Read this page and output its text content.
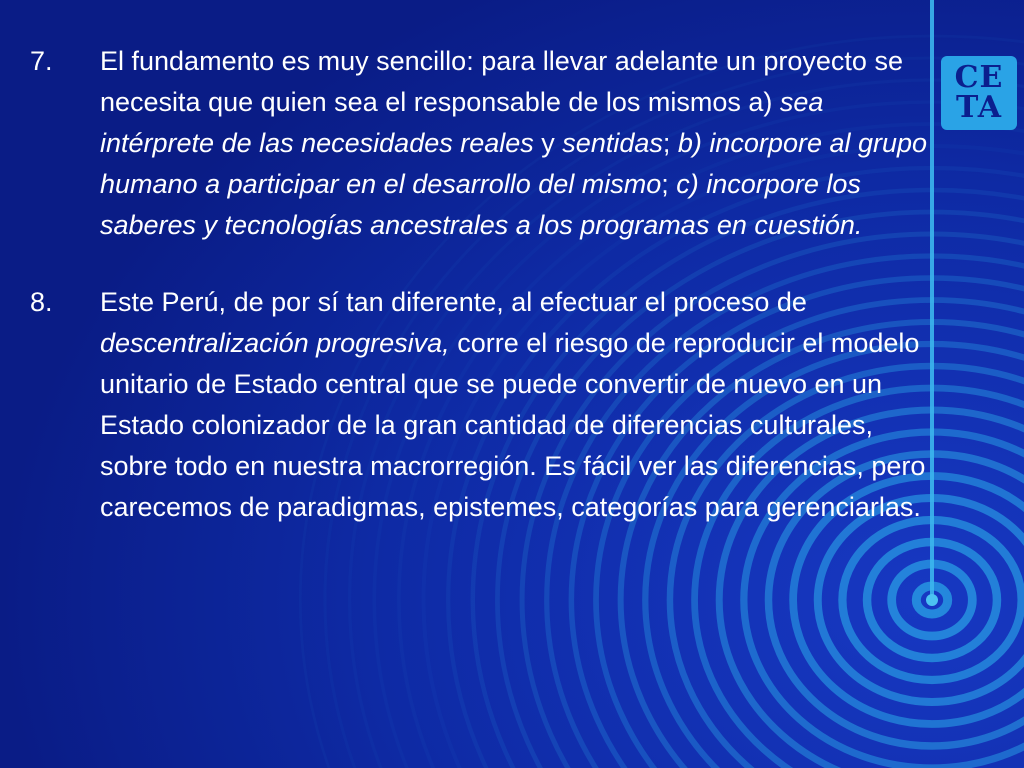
CE
TA
7. El fundamento es muy sencillo: para llevar adelante un proyecto se necesita que quien sea el responsable de los mismos a) sea intérprete de las necesidades reales y sentidas; b) incorpore al grupo humano a participar en el desarrollo del mismo; c) incorpore los saberes y tecnologías ancestrales a los programas en cuestión.
8. Este Perú, de por sí tan diferente, al efectuar el proceso de descentralización progresiva, corre el riesgo de reproducir el modelo unitario de Estado central que se puede convertir de nuevo en un Estado colonizador de la gran cantidad de diferencias culturales, sobre todo en nuestra macrorregión. Es fácil ver las diferencias, pero carecemos de paradigmas, epistemes, categorías para gerenciarlas.
